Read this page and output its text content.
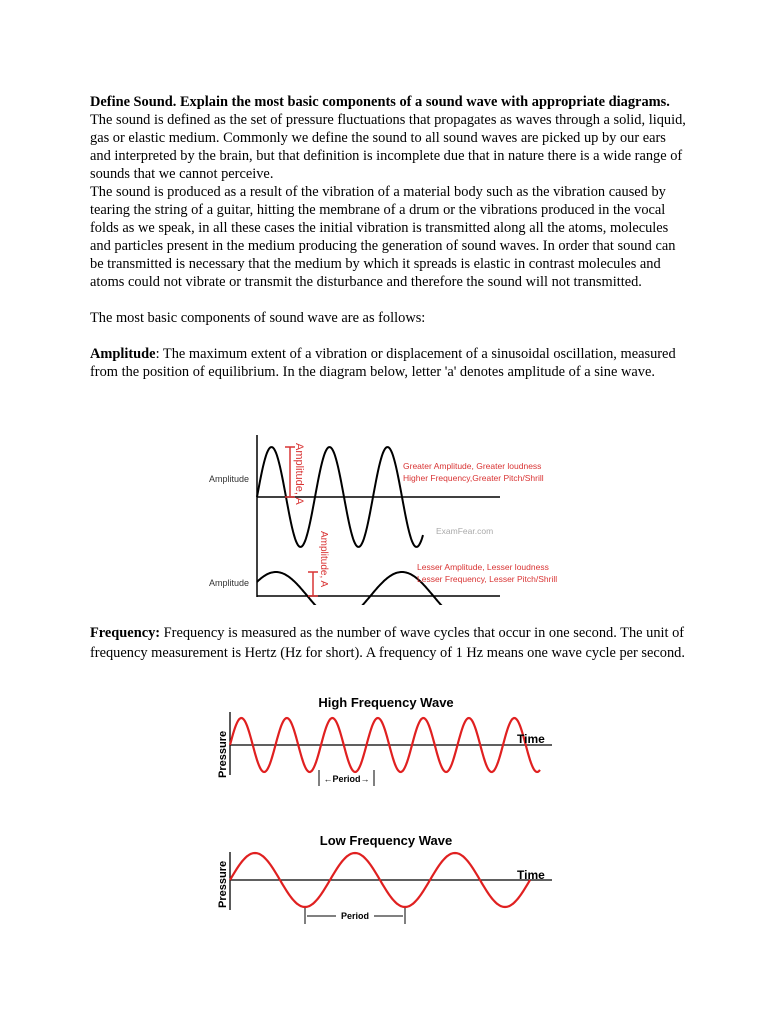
Define Sound. Explain the most basic components of a sound wave with appropriate diagrams.

The sound is defined as the set of pressure fluctuations that propagates as waves through a solid, liquid, gas or elastic medium. Commonly we define the sound to all sound waves are picked up by our ears and interpreted by the brain, but that definition is incomplete due that in nature there is a wide range of sounds that we cannot perceive.

The sound is produced as a result of the vibration of a material body such as the vibration caused by tearing the string of a guitar, hitting the membrane of a drum or the vibrations produced in the vocal folds as we speak, in all these cases the initial vibration is transmitted along all the atoms, molecules and particles present in the medium producing the generation of sound waves. In order that sound can be transmitted is necessary that the medium by which it spreads is elastic in contrast molecules and atoms could not vibrate or transmit the disturbance and therefore the sound will not transmitted.

The most basic components of sound wave are as follows:

Amplitude: The maximum extent of a vibration or displacement of a sinusoidal oscillation, measured from the position of equilibrium. In the diagram below, letter 'a' denotes amplitude of a sine wave.

Amplitude, A
Amplitude
Greater Amplitude, Greater loudness
Higher Frequency,Greater Pitch/Shrill
ExamFear.com
Amplitude, A
Amplitude
Lesser Amplitude, Lesser loudness
Lesser Frequency, Lesser Pitch/Shrill

Frequency: Frequency is measured as the number of wave cycles that occur in one second. The unit of frequency measurement is Hertz (Hz for short). A frequency of 1 Hz means one wave cycle per second.

High Frequency Wave
Pressure	Time
←Period→
Low Frequency Wave
Pressure	Time
Period
